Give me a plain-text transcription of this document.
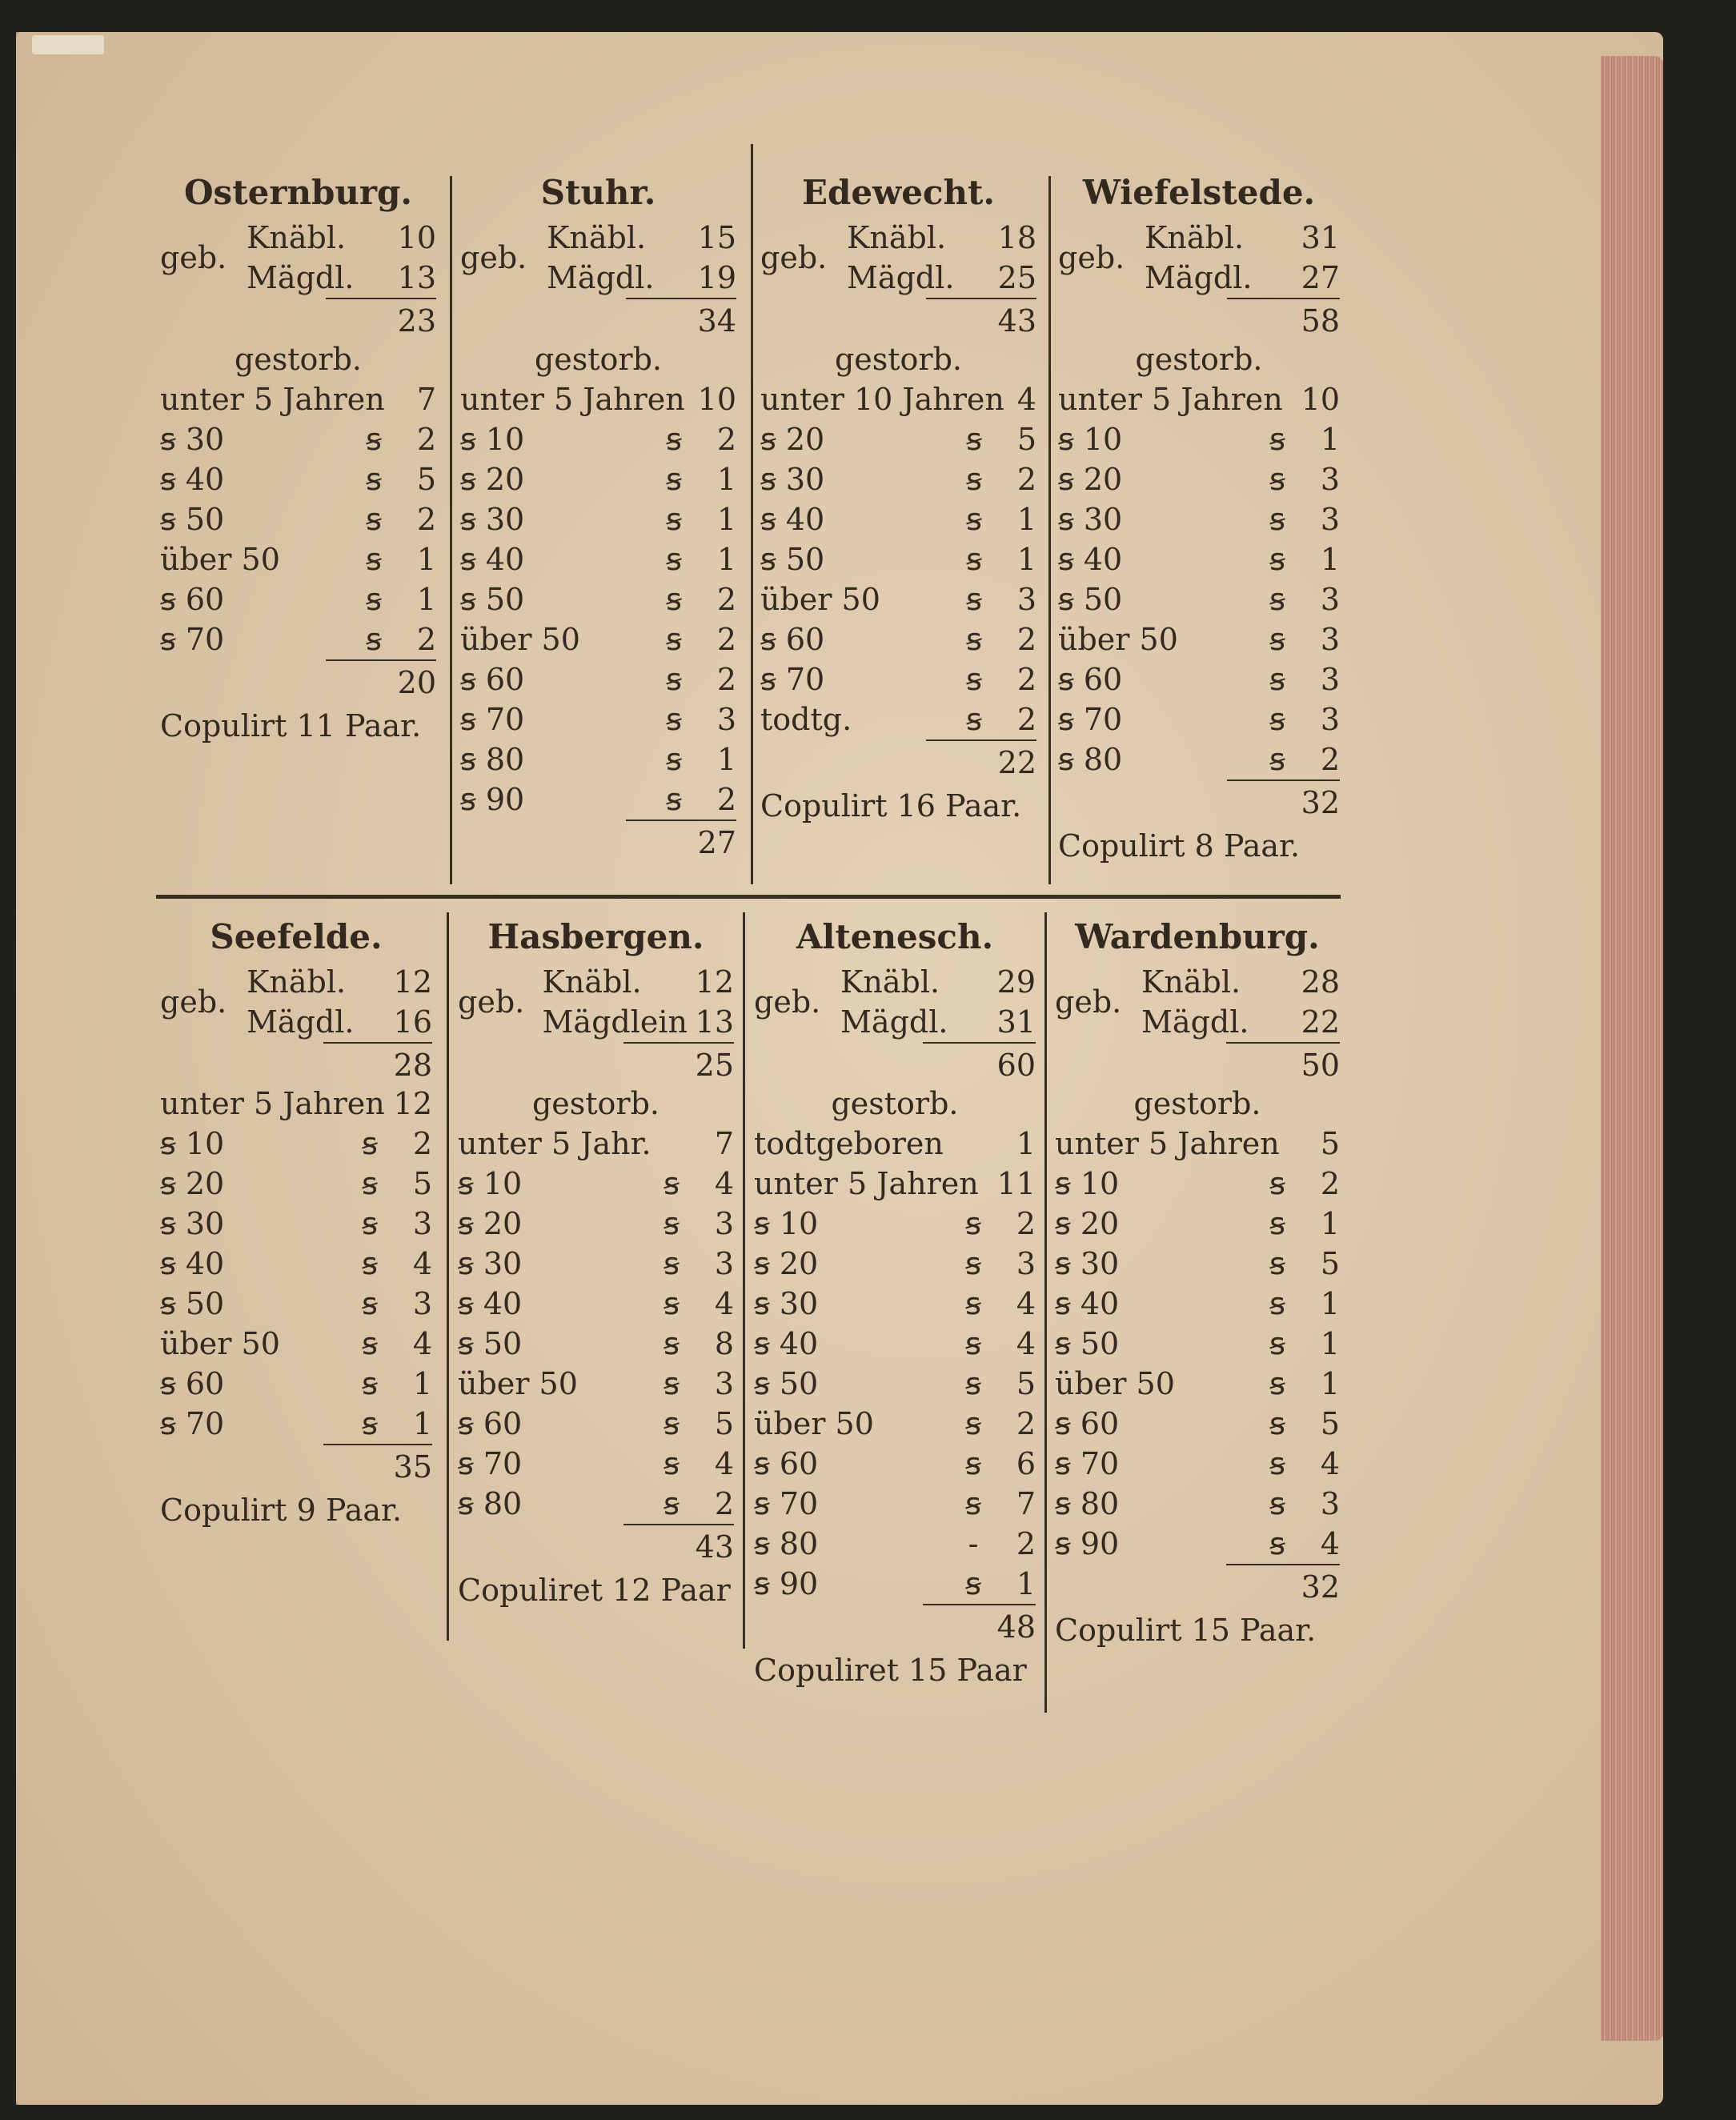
Osternburg.
geb.
Knäbl.	10
Mägdl.	13
23
gestorb.
unter 5 Jahren	7
ꞩ 30	ꞩ	2
ꞩ 40	ꞩ	5
ꞩ 50	ꞩ	2
über 50	ꞩ	1
ꞩ 60	ꞩ	1
ꞩ 70	ꞩ	2
20
Copulirt 11 Paar.
Stuhr.
geb.
Knäbl.	15
Mägdl.	19
34
gestorb.
unter 5 Jahren 10
ꞩ 10	ꞩ	2
ꞩ 20	ꞩ	1
ꞩ 30	ꞩ	1
ꞩ 40	ꞩ	1
ꞩ 50	ꞩ	2
über 50	ꞩ	2
ꞩ 60	ꞩ	2
ꞩ 70	ꞩ	3
ꞩ 80	ꞩ	1
ꞩ 90	ꞩ	2
27
Edewecht.
geb.
Knäbl.	18
Mägdl.	25
43
gestorb.
unter 10 Jahren 4
ꞩ 20	ꞩ	5
ꞩ 30	ꞩ	2
ꞩ 40	ꞩ	1
ꞩ 50	ꞩ	1
über 50	ꞩ	3
ꞩ 60	ꞩ	2
ꞩ 70	ꞩ	2
todtg.	ꞩ	2
22
Copulirt 16 Paar.
Wiefelstede.
geb.
Knäbl.	31
Mägdl.	27
58
gestorb.
unter 5 Jahren 10
ꞩ 10	ꞩ	1
ꞩ 20	ꞩ	3
ꞩ 30	ꞩ	3
ꞩ 40	ꞩ	1
ꞩ 50	ꞩ	3
über 50	ꞩ	3
ꞩ 60	ꞩ	3
ꞩ 70	ꞩ	3
ꞩ 80	ꞩ	2
32
Copulirt 8 Paar.
Seefelde.
geb.
Knäbl.	12
Mägdl.	16
28
unter 5 Jahren 12
ꞩ 10	ꞩ	2
ꞩ 20	ꞩ	5
ꞩ 30	ꞩ	3
ꞩ 40	ꞩ	4
ꞩ 50	ꞩ	3
über 50	ꞩ	4
ꞩ 60	ꞩ	1
ꞩ 70	ꞩ	1
35
Copulirt 9 Paar.
Hasbergen.
geb.
Knäbl.	12
Mägdlein 13
25
gestorb.
unter 5 Jahr.	7
ꞩ 10	ꞩ	4
ꞩ 20	ꞩ	3
ꞩ 30	ꞩ	3
ꞩ 40	ꞩ	4
ꞩ 50	ꞩ	8
über 50	ꞩ	3
ꞩ 60	ꞩ	5
ꞩ 70	ꞩ	4
ꞩ 80	ꞩ	2
43
Copuliret 12 Paar
Altenesch.
geb.
Knäbl.	29
Mägdl.	31
60
gestorb.
todtgeboren	1
unter 5 Jahren 11
ꞩ 10	ꞩ	2
ꞩ 20	ꞩ	3
ꞩ 30	ꞩ	4
ꞩ 40	ꞩ	4
ꞩ 50	ꞩ	5
über 50	ꞩ	2
ꞩ 60	ꞩ	6
ꞩ 70	ꞩ	7
ꞩ 80	-	2
ꞩ 90	ꞩ	1
48
Copuliret 15 Paar
Wardenburg.
geb.
Knäbl.	28
Mägdl.	22
50
gestorb.
unter 5 Jahren	5
ꞩ 10	ꞩ	2
ꞩ 20	ꞩ	1
ꞩ 30	ꞩ	5
ꞩ 40	ꞩ	1
ꞩ 50	ꞩ	1
über 50	ꞩ	1
ꞩ 60	ꞩ	5
ꞩ 70	ꞩ	4
ꞩ 80	ꞩ	3
ꞩ 90	ꞩ	4
32
Copulirt 15 Paar.
